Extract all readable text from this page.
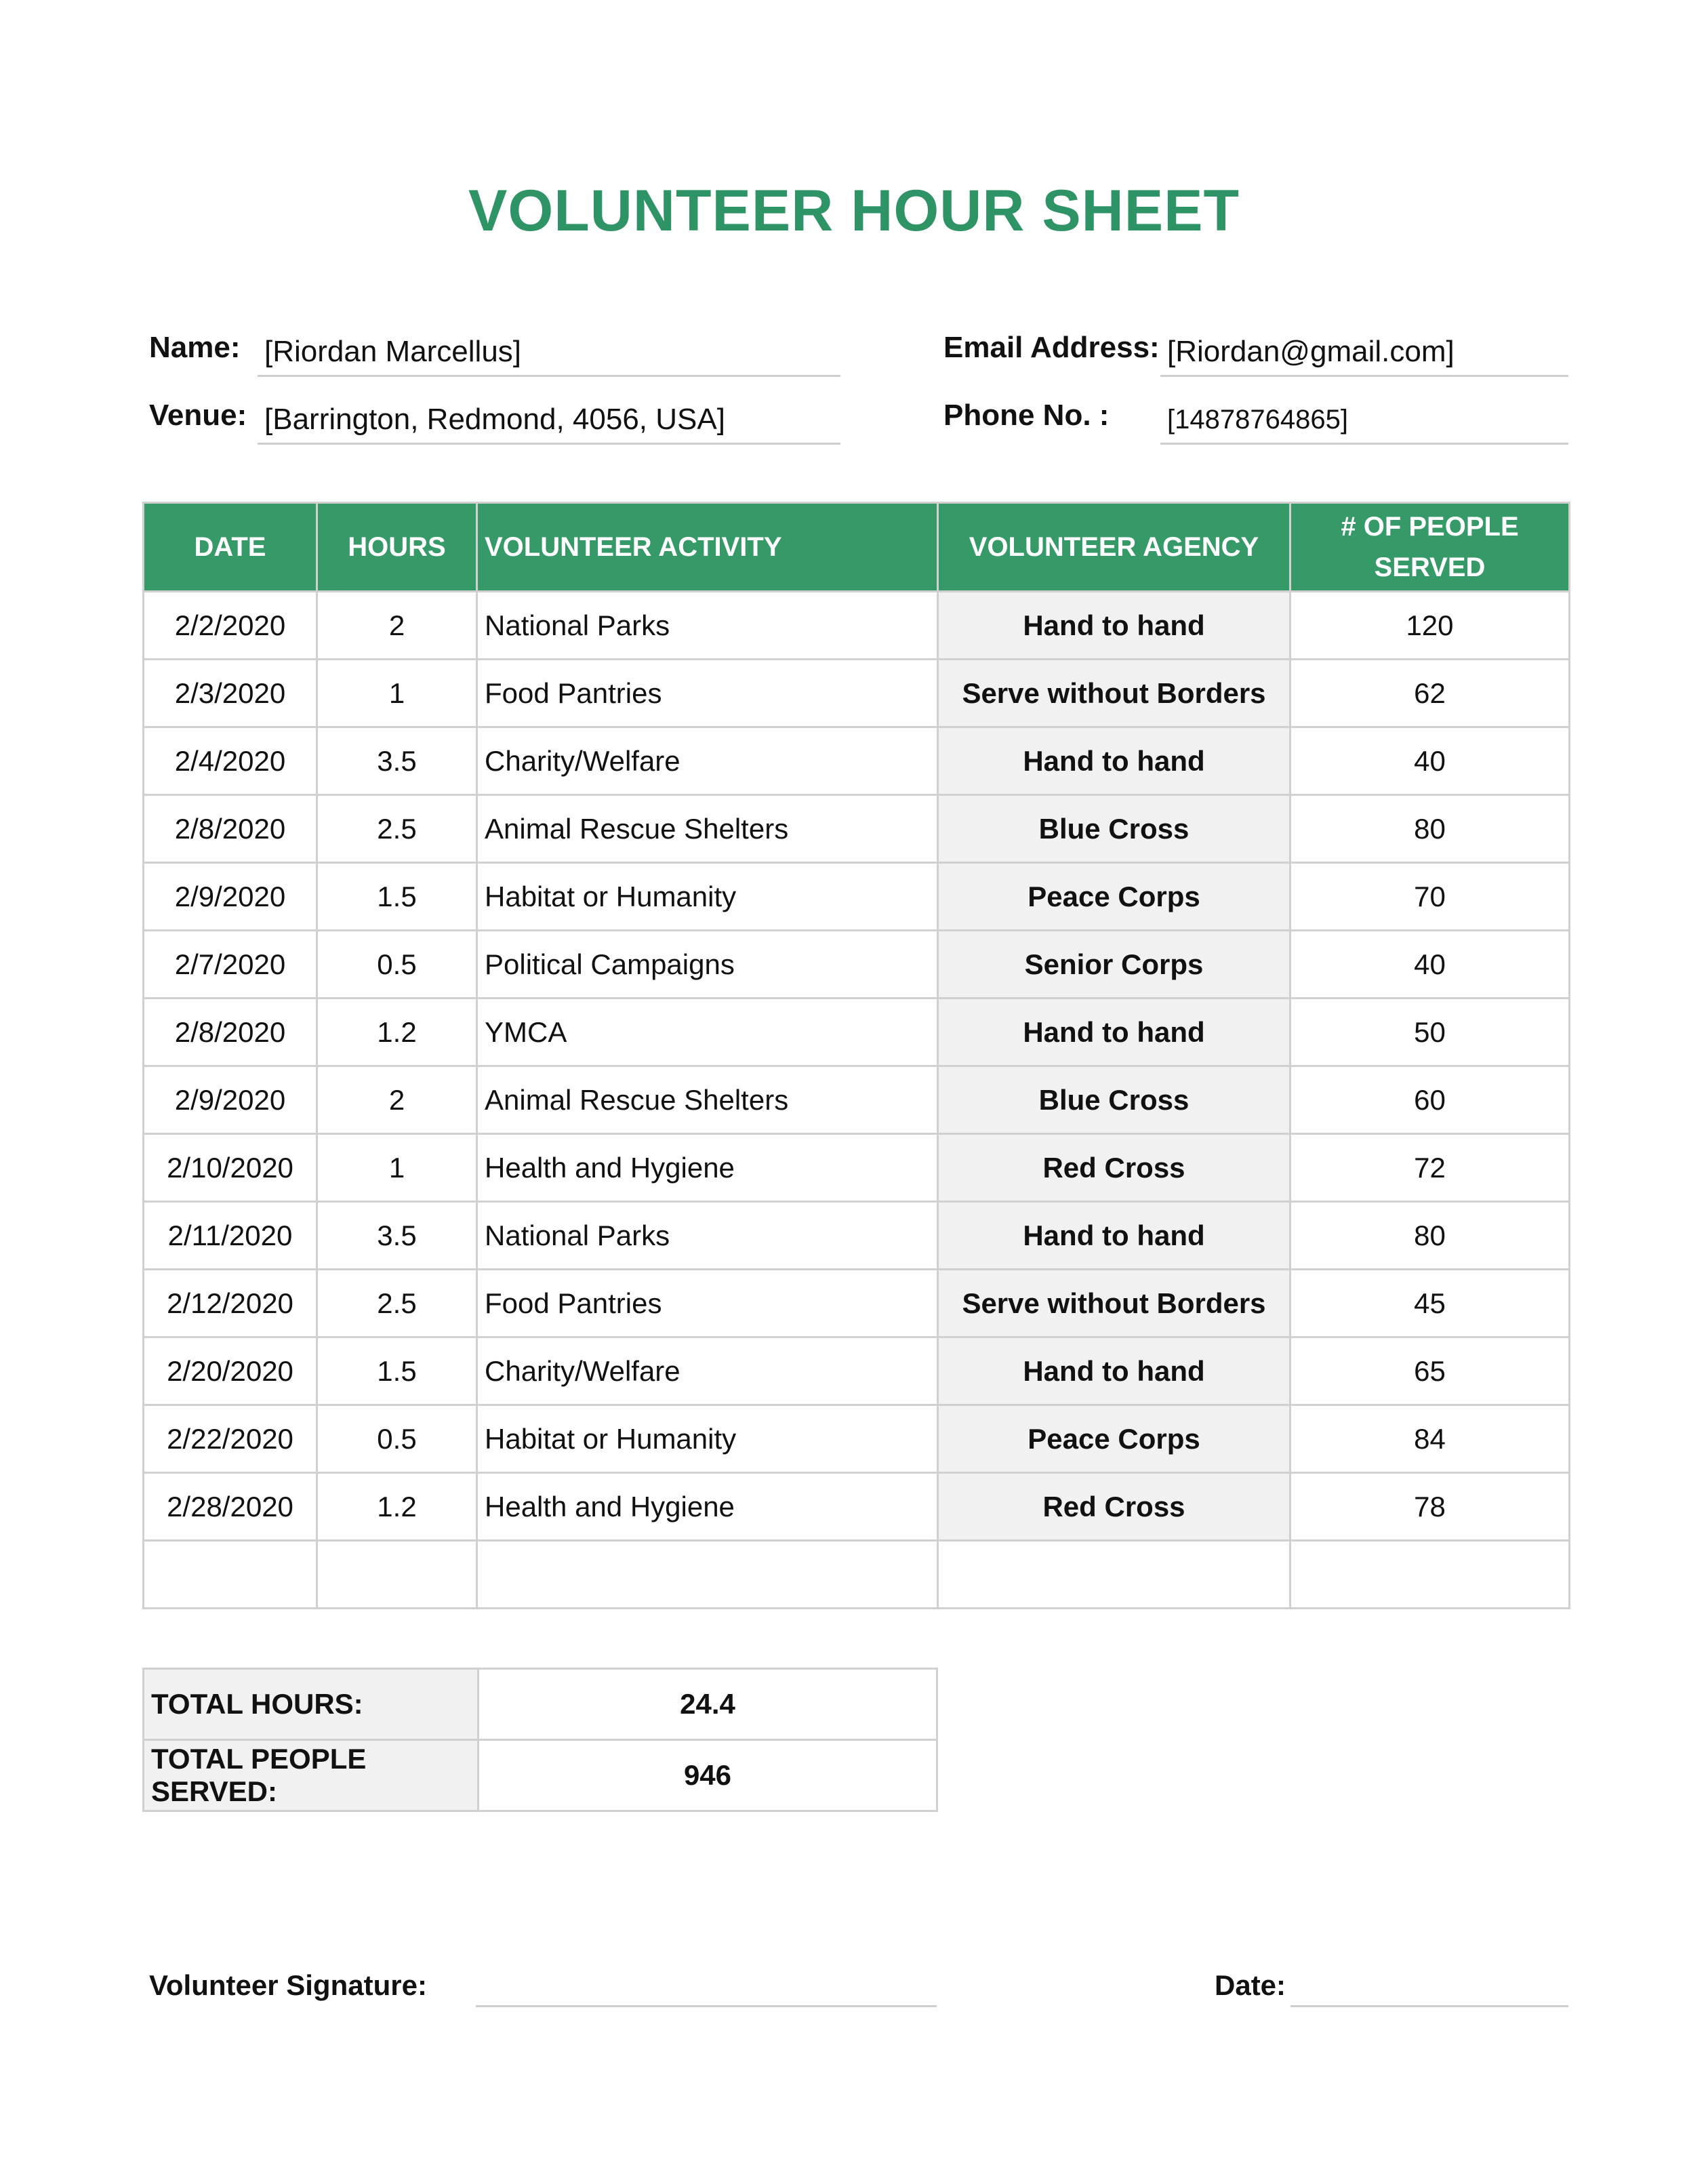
VOLUNTEER HOUR SHEET
Name: [Riordan Marcellus]
Venue: [Barrington, Redmond, 4056, USA]
Email Address: [Riordan@gmail.com]
Phone No. : [14878764865]
DATE	HOURS	VOLUNTEER ACTIVITY	VOLUNTEER AGENCY	# OF PEOPLE SERVED
2/2/2020	2	National Parks	Hand to hand	120
2/3/2020	1	Food Pantries	Serve without Borders	62
2/4/2020	3.5	Charity/Welfare	Hand to hand	40
2/8/2020	2.5	Animal Rescue Shelters	Blue Cross	80
2/9/2020	1.5	Habitat or Humanity	Peace Corps	70
2/7/2020	0.5	Political Campaigns	Senior Corps	40
2/8/2020	1.2	YMCA	Hand to hand	50
2/9/2020	2	Animal Rescue Shelters	Blue Cross	60
2/10/2020	1	Health and Hygiene	Red Cross	72
2/11/2020	3.5	National Parks	Hand to hand	80
2/12/2020	2.5	Food Pantries	Serve without Borders	45
2/20/2020	1.5	Charity/Welfare	Hand to hand	65
2/22/2020	0.5	Habitat or Humanity	Peace Corps	84
2/28/2020	1.2	Health and Hygiene	Red Cross	78

TOTAL HOURS:	24.4
TOTAL PEOPLE SERVED:	946
Volunteer Signature:	Date:
